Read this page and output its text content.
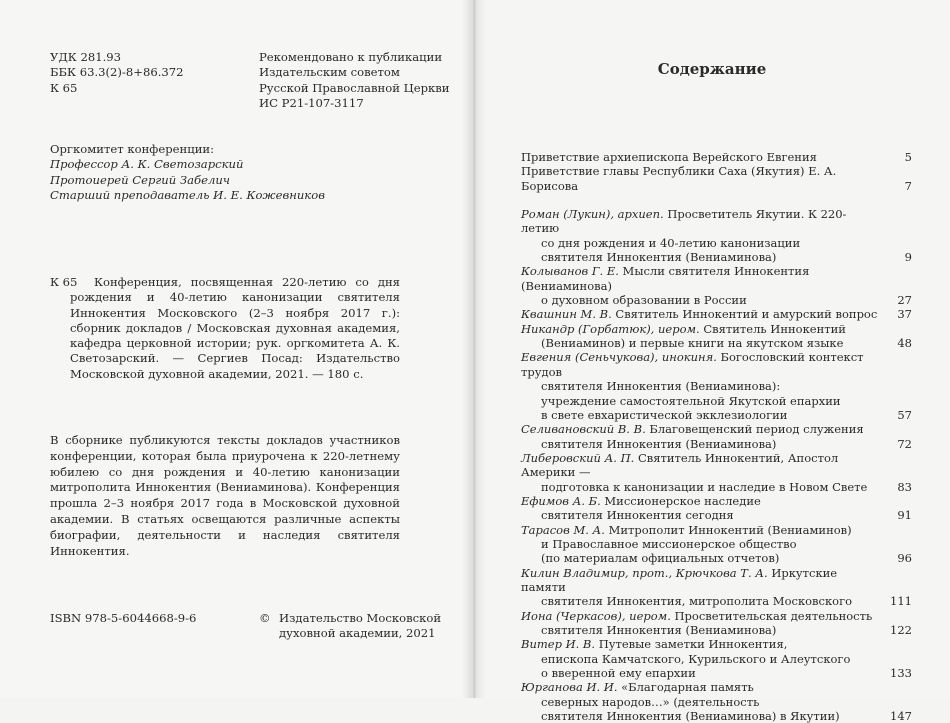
УДК 281.93
ББК 63.3(2)-8+86.372
К 65
Рекомендовано к публикации
Издательским советом
Русской Православной Церкви
ИС Р21-107-3117
Оргкомитет конференции:
Профессор А. К. Светозарский
Протоиерей Сергий Забелич
Старший преподаватель И. Е. Кожевников
К 65	Конференция, посвященная 220-летию со дня рождения и 40-летию канонизации святителя Иннокентия Московского (2–3 ноября 2017 г.): сборник докладов / Московская духовная академия, кафедра церковной истории; рук. оргкомитета А. К. Светозарский. — Сергиев Посад: Издательство Московской духовной академии, 2021. — 180 с.
В сборнике публикуются тексты докладов участников конференции, которая была приурочена к 220-летнему юбилею со дня рождения и 40-летию канонизации митрополита Иннокентия (Вениаминова). Конференция прошла 2–3 ноября 2017 года в Московской духовной академии. В статьях освещаются различные аспекты биографии, деятельности и наследия святителя Иннокентия.
ISBN 978-5-6044668-9-6	© Издательство Московской
духовной академии, 2021
Содержание
Приветствие архиепископа Верейского Евгения	5
Приветствие главы Республики Саха (Якутия) Е. А. Борисова	7
Роман (Лукин), архиеп. Просветитель Якутии. К 220-летию
со дня рождения и 40-летию канонизации
святителя Иннокентия (Вениаминова)	9
Колыванов Г. Е. Мысли святителя Иннокентия (Вениаминова)
о духовном образовании в России	27
Квашнин М. В. Святитель Иннокентий и амурский вопрос	37
Никандр (Горбатюк), иером. Святитель Иннокентий
(Вениаминов) и первые книги на якутском языке	48
Евгения (Сеньчукова), инокиня. Богословский контекст трудов
святителя Иннокентия (Вениаминова):
учреждение самостоятельной Якутской епархии
в свете евхаристической экклезиологии	57
Селивановский В. В. Благовещенский период служения
святителя Иннокентия (Вениаминова)	72
Либеровский А. П. Святитель Иннокентий, Апостол Америки —
подготовка к канонизации и наследие в Новом Свете	83
Ефимов А. Б. Миссионерское наследие
святителя Иннокентия сегодня	91
Тарасов М. А. Митрополит Иннокентий (Вениаминов)
и Православное миссионерское общество
(по материалам официальных отчетов)	96
Килин Владимир, прот., Крючкова Т. А. Иркутские памяти
святителя Иннокентия, митрополита Московского	111
Иона (Черкасов), иером. Просветительская деятельность
святителя Иннокентия (Вениаминова)	122
Витер И. В. Путевые заметки Иннокентия,
епископа Камчатского, Курильского и Алеутского
о вверенной ему епархии	133
Юрганова И. И. «Благодарная память
северных народов…» (деятельность
святителя Иннокентия (Вениаминова) в Якутии)	147
